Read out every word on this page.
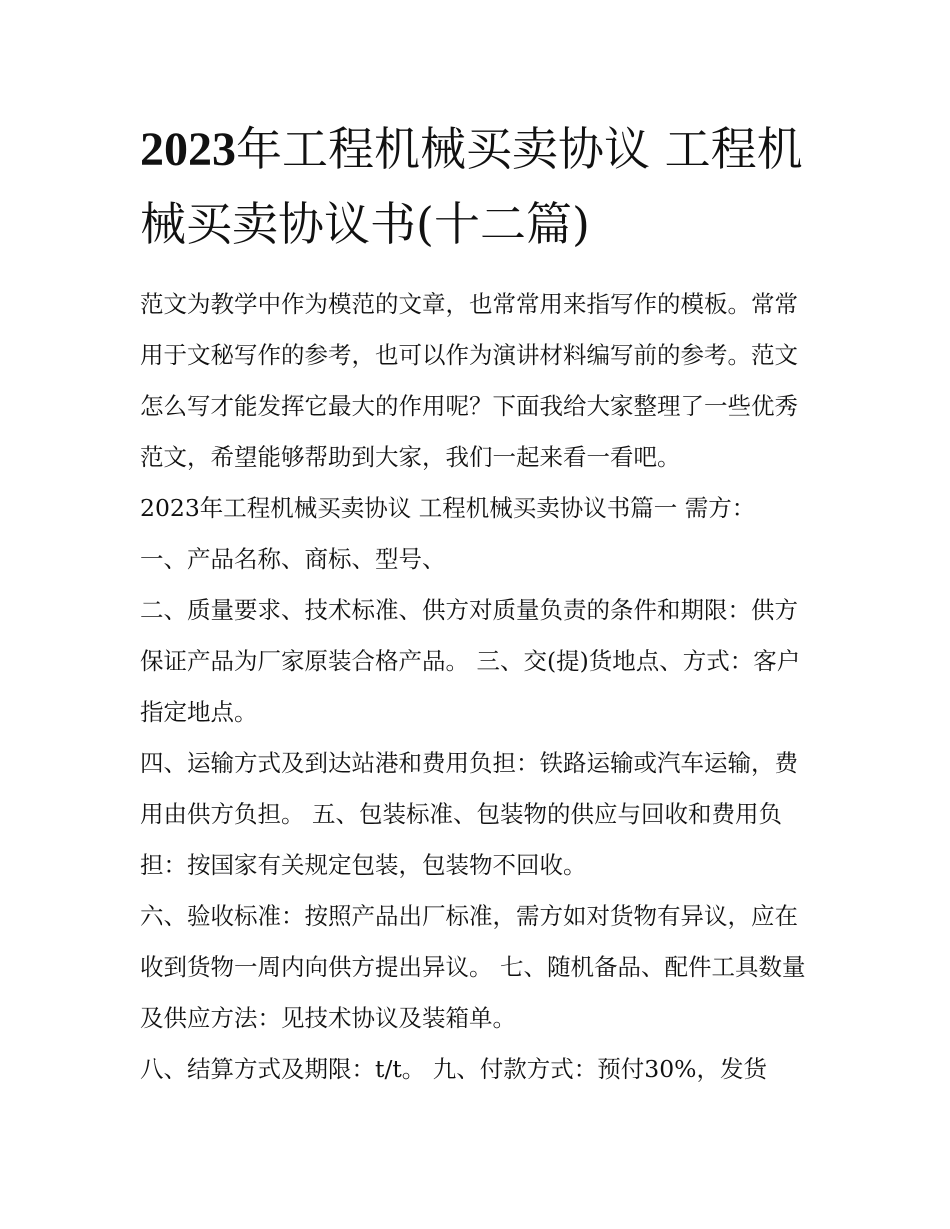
2023年工程机械买卖协议 工程机械买卖协议书(十二篇)

范文为教学中作为模范的文章，也常常用来指写作的模板。常常用于文秘写作的参考，也可以作为演讲材料编写前的参考。范文怎么写才能发挥它最大的作用呢？下面我给大家整理了一些优秀范文，希望能够帮助到大家，我们一起来看一看吧。

2023年工程机械买卖协议 工程机械买卖协议书篇一 需方：

一、产品名称、商标、型号、

二、质量要求、技术标准、供方对质量负责的条件和期限：供方保证产品为厂家原装合格产品。 三、交(提)货地点、方式：客户指定地点。

四、运输方式及到达站港和费用负担：铁路运输或汽车运输，费用由供方负担。 五、包装标准、包装物的供应与回收和费用负担：按国家有关规定包装，包装物不回收。

六、验收标准：按照产品出厂标准，需方如对货物有异议，应在收到货物一周内向供方提出异议。 七、随机备品、配件工具数量及供应方法：见技术协议及装箱单。

八、结算方式及期限：t/t。 九、付款方式：预付30%，发货
